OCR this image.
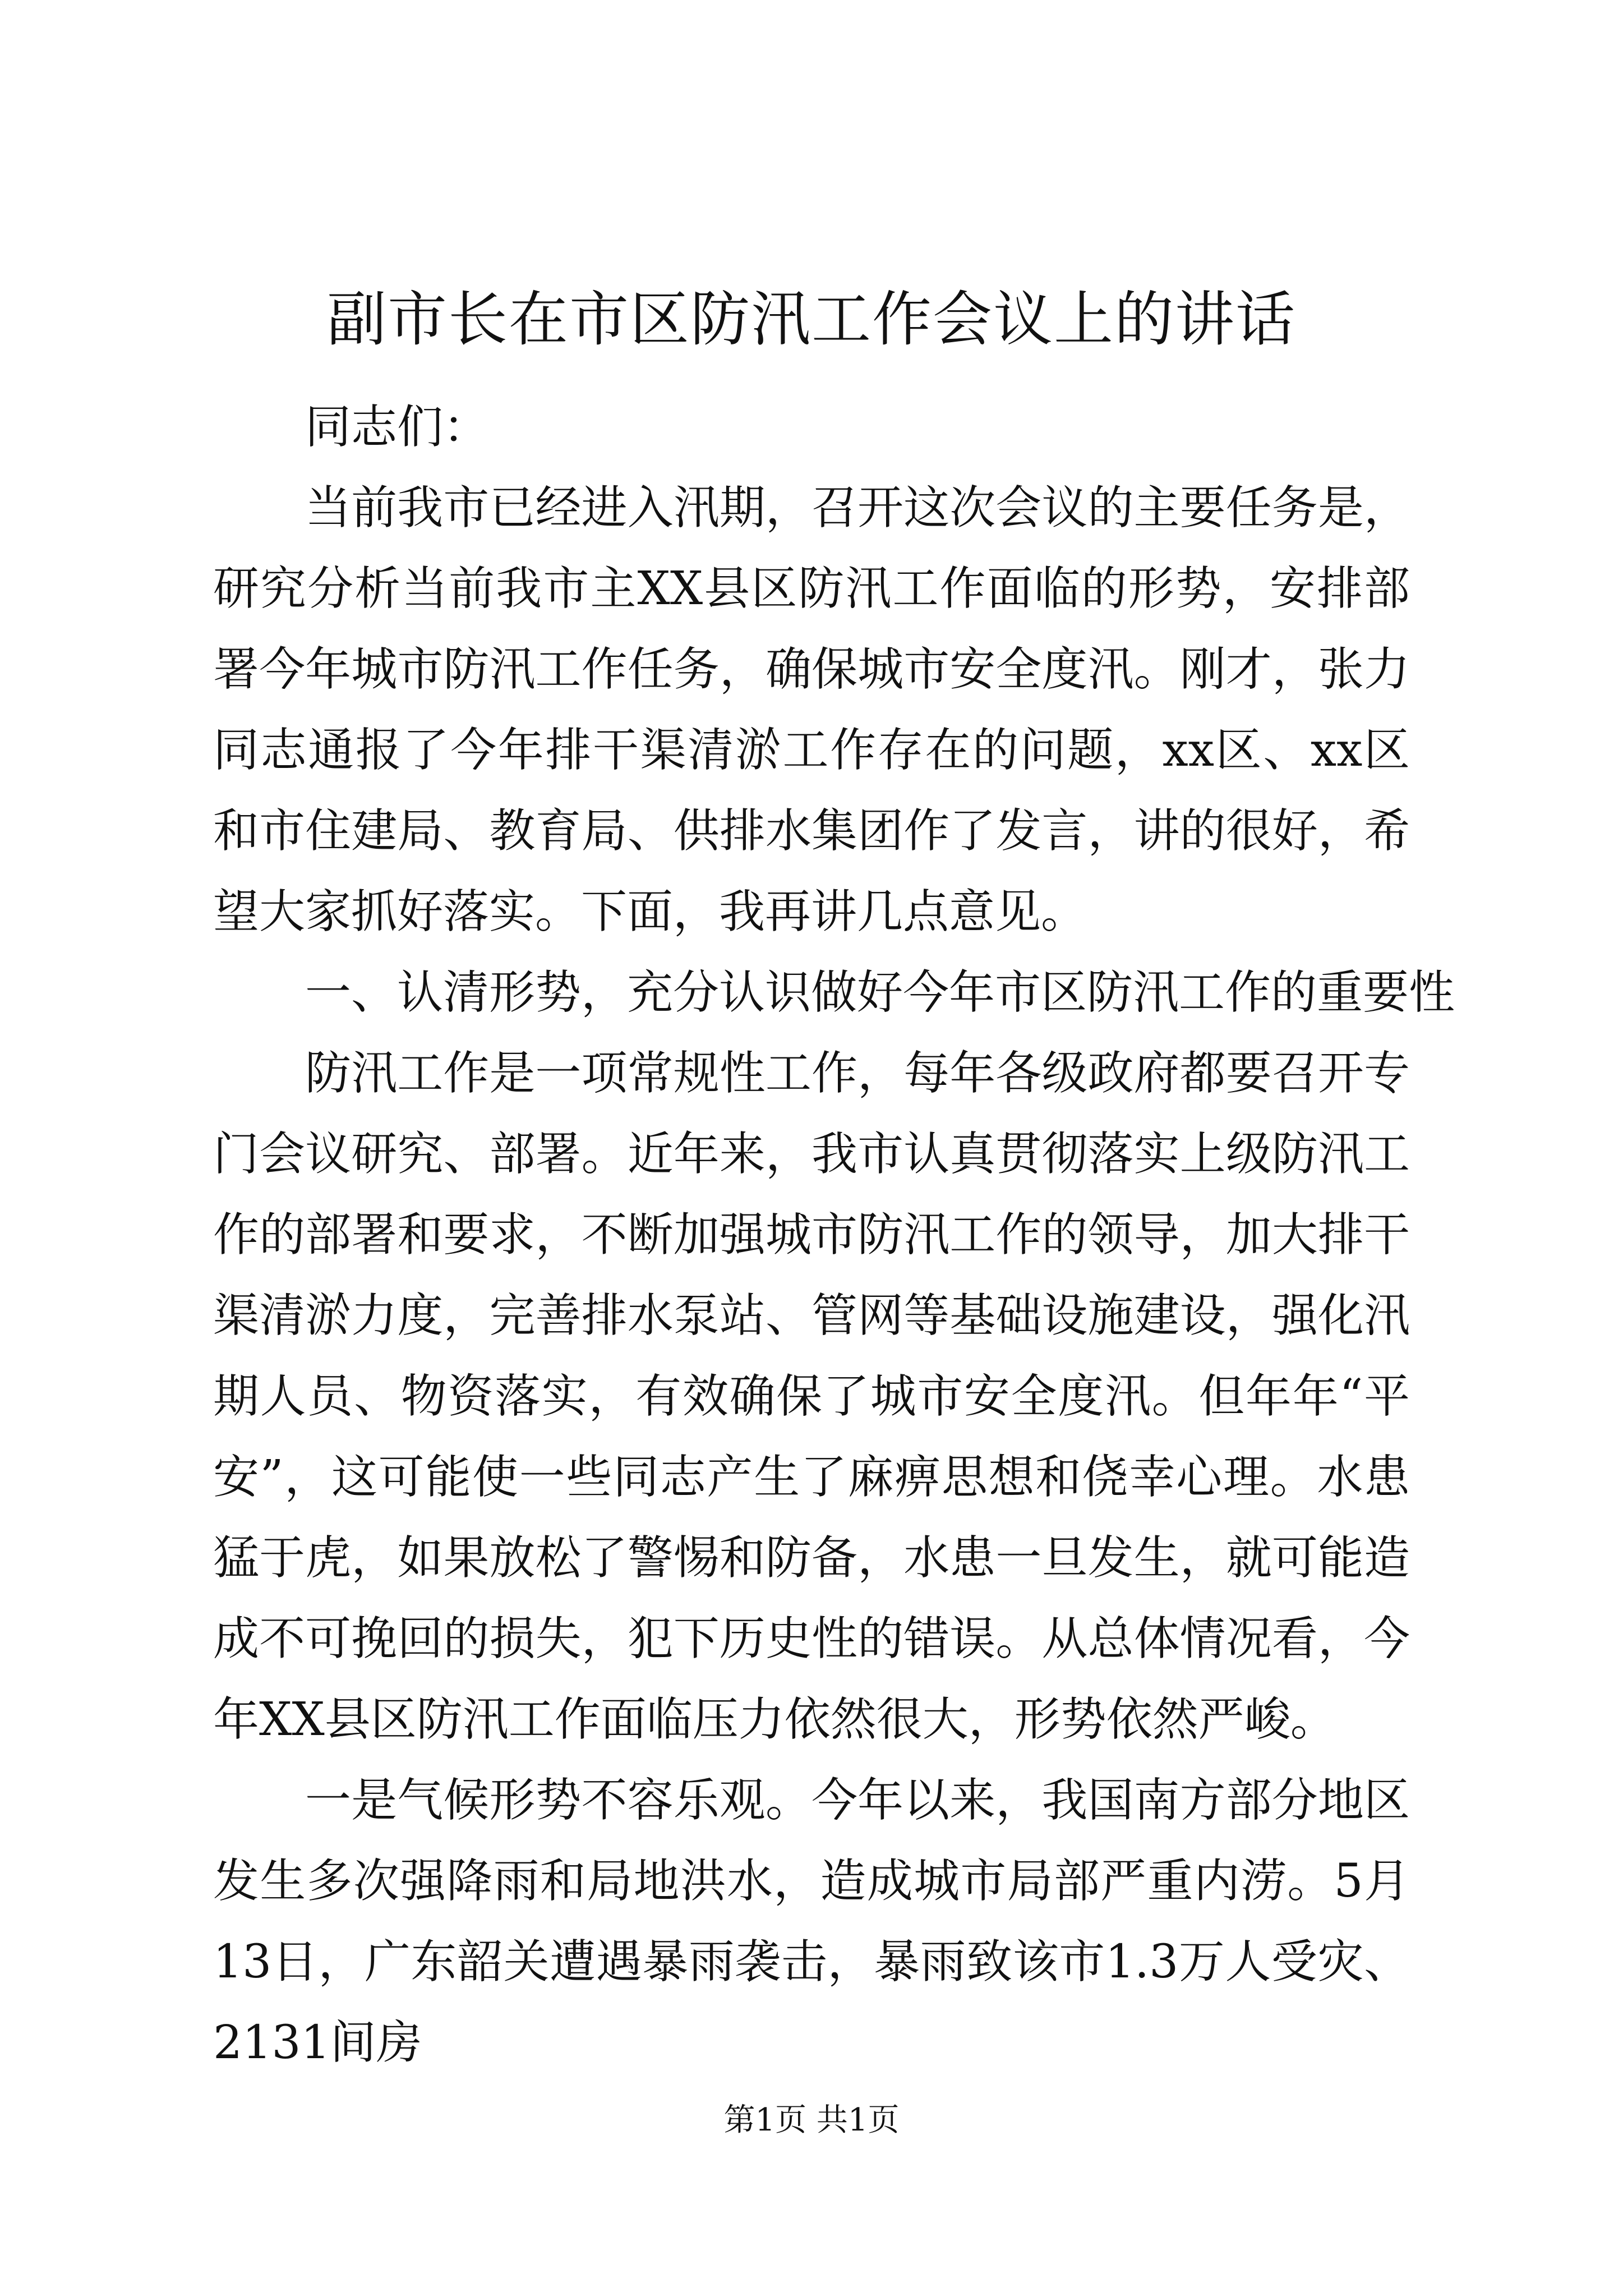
副市长在市区防汛工作会议上的讲话

同志们：

当前我市已经进入汛期，召开这次会议的主要任务是，研究分析当前我市主XX县区防汛工作面临的形势，安排部署今年城市防汛工作任务，确保城市安全度汛。刚才，张力同志通报了今年排干渠清淤工作存在的问题，xx区、xx区和市住建局、教育局、供排水集团作了发言，讲的很好，希望大家抓好落实。下面，我再讲几点意见。

一、认清形势，充分认识做好今年市区防汛工作的重要性

防汛工作是一项常规性工作，每年各级政府都要召开专门会议研究、部署。近年来，我市认真贯彻落实上级防汛工作的部署和要求，不断加强城市防汛工作的领导，加大排干渠清淤力度，完善排水泵站、管网等基础设施建设，强化汛期人员、物资落实，有效确保了城市安全度汛。但年年“平安”，这可能使一些同志产生了麻痹思想和侥幸心理。水患猛于虎，如果放松了警惕和防备，水患一旦发生，就可能造成不可挽回的损失，犯下历史性的错误。从总体情况看，今年XX县区防汛工作面临压力依然很大，形势依然严峻。

一是气候形势不容乐观。今年以来，我国南方部分地区发生多次强降雨和局地洪水，造成城市局部严重内涝。5月13日，广东韶关遭遇暴雨袭击，暴雨致该市1.3万人受灾、2131间房

第1页 共1页
